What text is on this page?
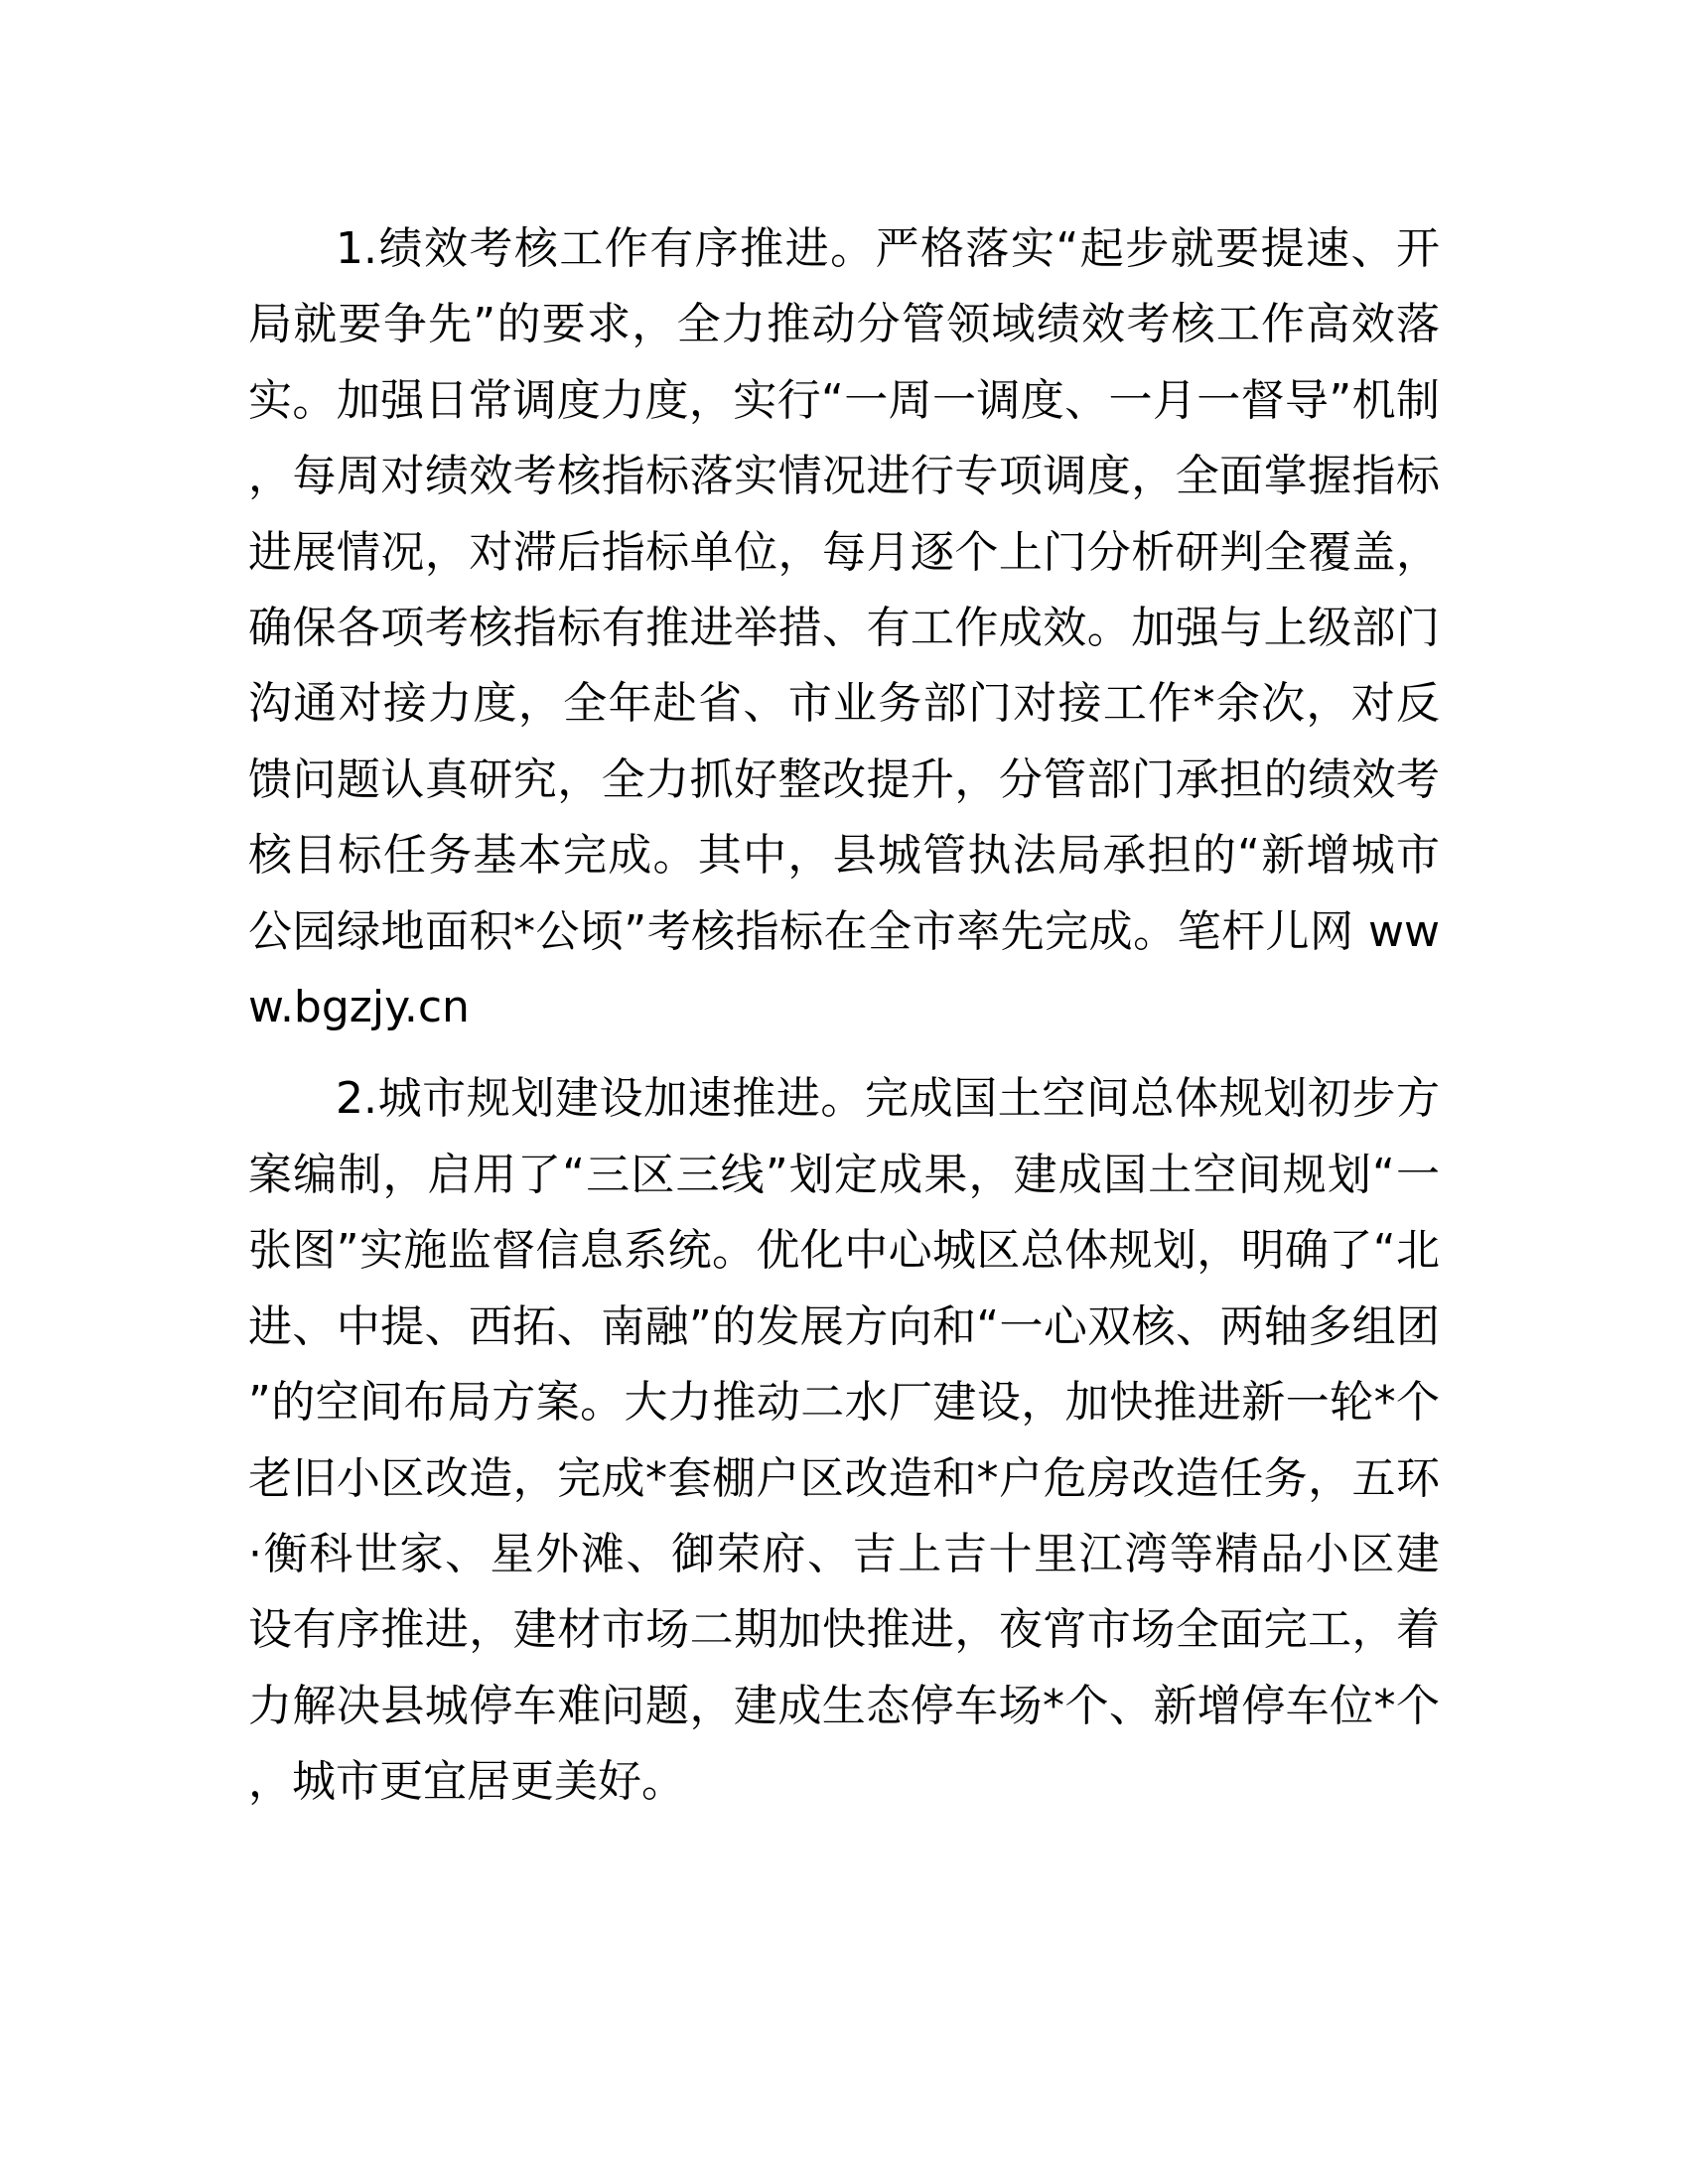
1.绩效考核工作有序推进。严格落实“起步就要提速、开局就要争先”的要求，全力推动分管领域绩效考核工作高效落实。加强日常调度力度，实行“一周一调度、一月一督导”机制，每周对绩效考核指标落实情况进行专项调度，全面掌握指标进展情况，对滞后指标单位，每月逐个上门分析研判全覆盖，确保各项考核指标有推进举措、有工作成效。加强与上级部门沟通对接力度，全年赴省、市业务部门对接工作*余次，对反馈问题认真研究，全力抓好整改提升，分管部门承担的绩效考核目标任务基本完成。其中，县城管执法局承担的“新增城市公园绿地面积*公顷”考核指标在全市率先完成。笔杆儿网 www.bgzjy.cn

2.城市规划建设加速推进。完成国土空间总体规划初步方案编制，启用了“三区三线”划定成果，建成国土空间规划“一张图”实施监督信息系统。优化中心城区总体规划，明确了“北进、中提、西拓、南融”的发展方向和“一心双核、两轴多组团”的空间布局方案。大力推动二水厂建设，加快推进新一轮*个老旧小区改造，完成*套棚户区改造和*户危房改造任务，五环·衡科世家、星外滩、御荣府、吉上吉十里江湾等精品小区建设有序推进，建材市场二期加快推进，夜宵市场全面完工，着力解决县城停车难问题，建成生态停车场*个、新增停车位*个，城市更宜居更美好。
